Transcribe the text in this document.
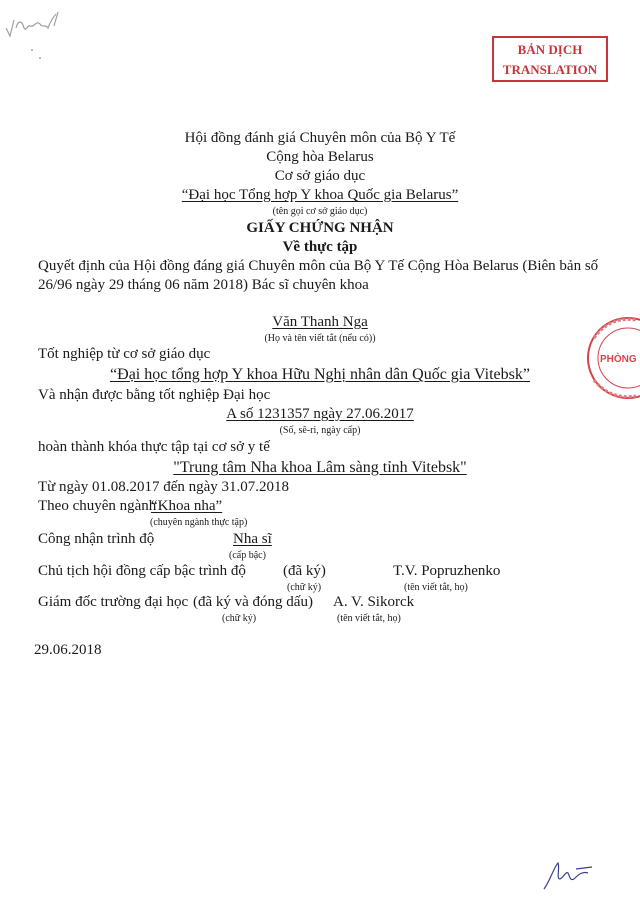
BẢN DỊCH
TRANSLATION
PHÒNG
Hội đồng đánh giá Chuyên môn của Bộ Y Tế
Cộng hòa Belarus
Cơ sở giáo dục
“Đại học Tổng hợp Y khoa Quốc gia Belarus”
(tên gọi cơ sở giáo dục)
GIẤY CHỨNG NHẬN
Về thực tập
Quyết định của Hội đồng đáng giá Chuyên môn của Bộ Y Tế Cộng Hòa Belarus (Biên bản số
26/96 ngày 29 tháng 06 năm 2018) Bác sĩ chuyên khoa
Văn Thanh Nga
(Họ và tên viết tắt (nếu có))
Tốt nghiệp từ cơ sở giáo dục
“Đại học tổng hợp Y khoa Hữu Nghị nhân dân Quốc gia Vitebsk”
Và nhận được bằng tốt nghiệp Đại học
A số 1231357 ngày 27.06.2017
(Số, sê-ri, ngày cấp)
hoàn thành khóa thực tập tại cơ sở y tế
"Trung tâm Nha khoa Lâm sàng tỉnh Vitebsk"
Từ ngày 01.08.2017 đến ngày 31.07.2018
Theo chuyên ngành
“Khoa nha”
(chuyên ngành thực tập)
Công nhận trình độ	Nha sĩ
(cấp bậc)
Chủ tịch hội đồng cấp bậc trình độ (đã ký)
(chữ ký)
T.V. Popruzhenko
(tên viết tắt, họ)
Giám đốc trường đại học (đã ký và đóng dấu)
(chữ ký)
A. V. Sikorck
(tên viết tắt, họ)
29.06.2018
